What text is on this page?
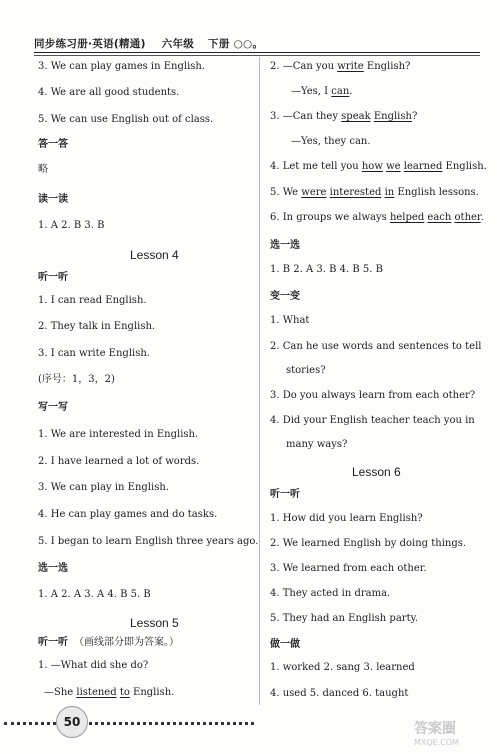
同步练习册·英语(精通) 六年级 下册 ○○。
3. We can play games in English.
4. We are all good students.
5. We can use English out of class.
答一答
略
读一读
1. A 2. B 3. B
Lesson 4
听一听
1. I can read English.
2. They talk in English.
3. I can write English.
(序号：1，3，2)
写一写
1. We are interested in English.
2. I have learned a lot of words.
3. We can play in English.
4. He can play games and do tasks.
5. I began to learn English three years ago.
选一选
1. A 2. A 3. A 4. B 5. B
Lesson 5
听一听 （画线部分即为答案。）
1. —What did she do?
—She listened to English.
2. —Can you write English?
—Yes, I can.
3. —Can they speak English?
—Yes, they can.
4. Let me tell you how we learned English.
5. We were interested in English lessons.
6. In groups we always helped each other.
选一选
1. B 2. A 3. B 4. B 5. B
变一变
1. What
2. Can he use words and sentences to tell
stories?
3. Do you always learn from each other?
4. Did your English teacher teach you in
many ways?
Lesson 6
听一听
1. How did you learn English?
2. We learned English by doing things.
3. We learned from each other.
4. They acted in drama.
5. They had an English party.
做一做
1. worked 2. sang 3. learned
4. used 5. danced 6. taught
50	答案圈
MXQE.COM
